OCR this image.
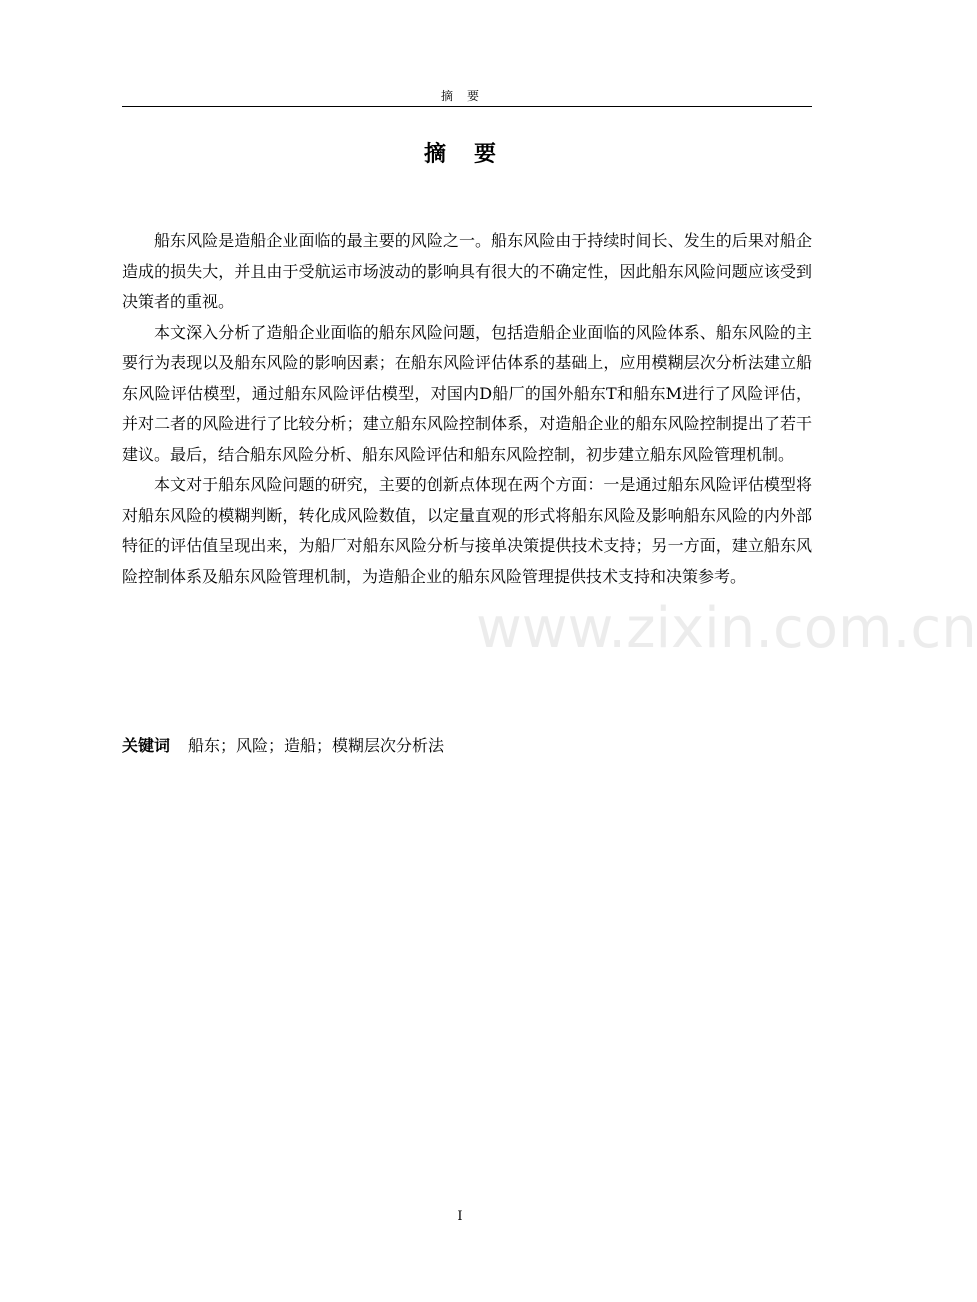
摘要
摘要

船东风险是造船企业面临的最主要的风险之一。船东风险由于持续时间长、发生的后果对船企造成的损失大，并且由于受航运市场波动的影响具有很大的不确定性，因此船东风险问题应该受到决策者的重视。

本文深入分析了造船企业面临的船东风险问题，包括造船企业面临的风险体系、船东风险的主要行为表现以及船东风险的影响因素；在船东风险评估体系的基础上，应用模糊层次分析法建立船东风险评估模型，通过船东风险评估模型，对国内D船厂的国外船东T和船东M进行了风险评估，并对二者的风险进行了比较分析；建立船东风险控制体系，对造船企业的船东风险控制提出了若干建议。最后，结合船东风险分析、船东风险评估和船东风险控制，初步建立船东风险管理机制。

本文对于船东风险问题的研究，主要的创新点体现在两个方面：一是通过船东风险评估模型将对船东风险的模糊判断，转化成风险数值，以定量直观的形式将船东风险及影响船东风险的内外部特征的评估值呈现出来，为船厂对船东风险分析与接单决策提供技术支持；另一方面，建立船东风险控制体系及船东风险管理机制，为造船企业的船东风险管理提供技术支持和决策参考。

关键词 船东；风险；造船；模糊层次分析法
www.zixin.com.cn
I
